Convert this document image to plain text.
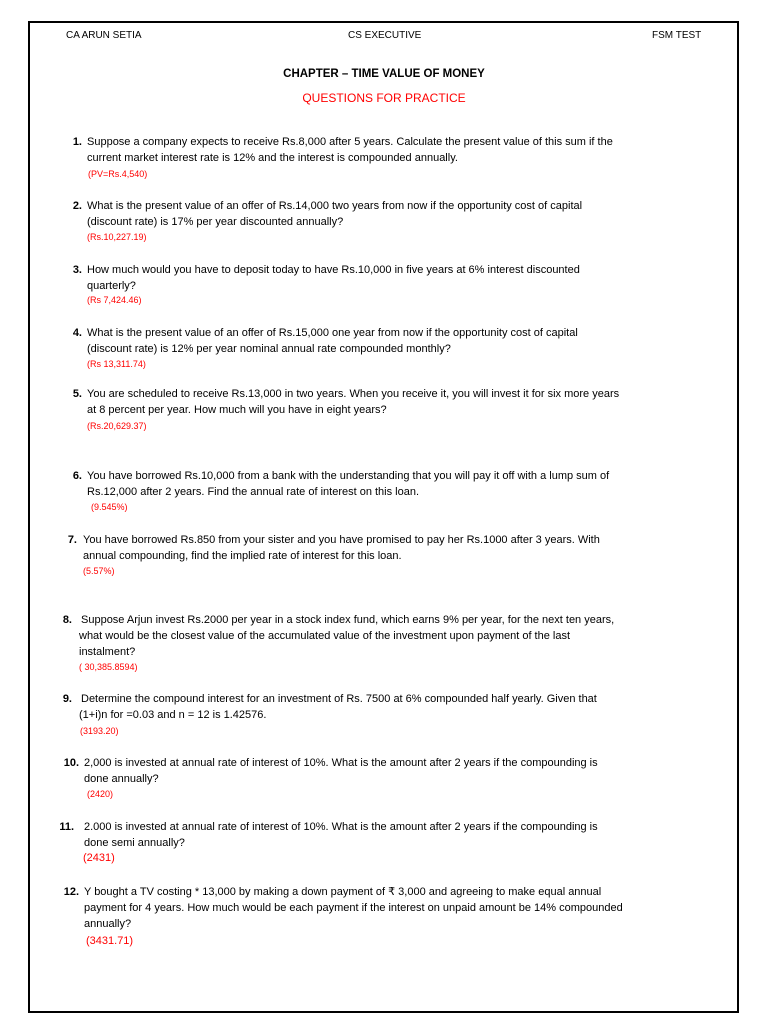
CA ARUN SETIA	CS EXECUTIVE	FSM TEST
CHAPTER – TIME VALUE OF MONEY
QUESTIONS FOR PRACTICE
1. Suppose a company expects to receive Rs.8,000 after 5 years. Calculate the present value of this sum if the
current market interest rate is 12% and the interest is compounded annually.
(PV=Rs.4,540)
2. What is the present value of an offer of Rs.14,000 two years from now if the opportunity cost of capital
(discount rate) is 17% per year discounted annually?
(Rs.10,227.19)
3. How much would you have to deposit today to have Rs.10,000 in five years at 6% interest discounted
quarterly?
(Rs 7,424.46)
4. What is the present value of an offer of Rs.15,000 one year from now if the opportunity cost of capital
(discount rate) is 12% per year nominal annual rate compounded monthly?
(Rs 13,311.74)
5. You are scheduled to receive Rs.13,000 in two years. When you receive it, you will invest it for six more years
at 8 percent per year. How much will you have in eight years?
(Rs.20,629.37)
6. You have borrowed Rs.10,000 from a bank with the understanding that you will pay it off with a lump sum of
Rs.12,000 after 2 years. Find the annual rate of interest on this loan.
(9.545%)
7. You have borrowed Rs.850 from your sister and you have promised to pay her Rs.1000 after 3 years. With
annual compounding, find the implied rate of interest for this loan.
(5.57%)
8. Suppose Arjun invest Rs.2000 per year in a stock index fund, which earns 9% per year, for the next ten years,
what would be the closest value of the accumulated value of the investment upon payment of the last
instalment?
( 30,385.8594)
9. Determine the compound interest for an investment of Rs. 7500 at 6% compounded half yearly. Given that
(1+i)n for =0.03 and n = 12 is 1.42576.
(3193.20)
10. 2,000 is invested at annual rate of interest of 10%. What is the amount after 2 years if the compounding is
done annually?
(2420)
11. 2.000 is invested at annual rate of interest of 10%. What is the amount after 2 years if the compounding is
done semi annually?
(2431)
12. Y bought a TV costing * 13,000 by making a down payment of ₹ 3,000 and agreeing to make equal annual
payment for 4 years. How much would be each payment if the interest on unpaid amount be 14% compounded
annually?
(3431.71)
